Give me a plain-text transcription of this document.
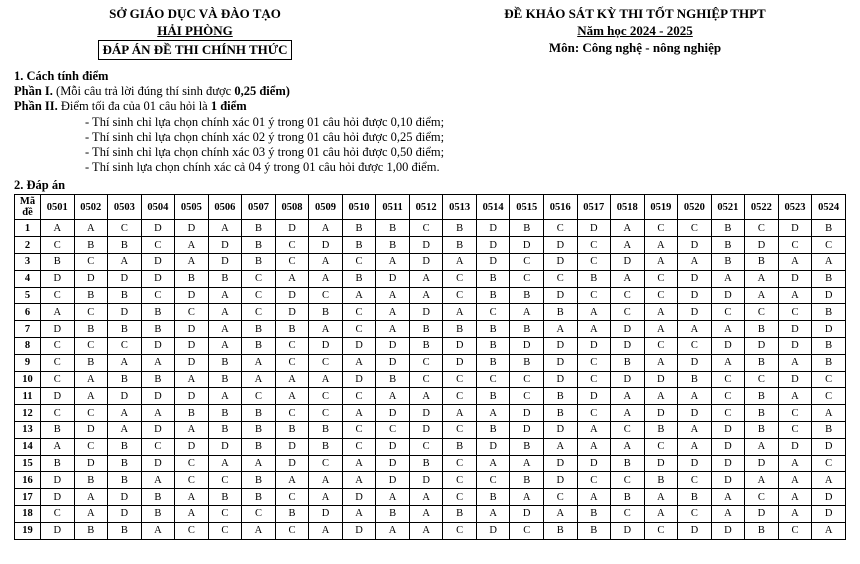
SỞ GIÁO DỤC VÀ ĐÀO TẠO
HẢI PHÒNG
ĐÁP ÁN ĐỀ THI CHÍNH THỨC
ĐỀ KHẢO SÁT KỲ THI TỐT NGHIỆP THPT
Năm học 2024 - 2025
Môn: Công nghệ - nông nghiệp
1. Cách tính điểm
Phần I. (Mỗi câu trả lời đúng thí sinh được 0,25 điểm)
Phần II. Điểm tối đa của 01 câu hỏi là 1 điểm
- Thí sinh chỉ lựa chọn chính xác 01 ý trong 01 câu hỏi được 0,10 điểm;
- Thí sinh chỉ lựa chọn chính xác 02 ý trong 01 câu hỏi được 0,25 điểm;
- Thí sinh chỉ lựa chọn chính xác 03 ý trong 01 câu hỏi được 0,50 điểm;
- Thí sinh lựa chọn chính xác cả 04 ý trong 01 câu hỏi được 1,00 điểm.
2. Đáp án
Mã đề	0501	0502	0503	0504	0505	0506	0507	0508	0509	0510	0511	0512	0513	0514	0515	0516	0517	0518	0519	0520	0521	0522	0523	0524
1	A	A	C	D	D	A	B	D	A	B	B	C	B	D	B	C	D	A	C	C	B	C	D	B
2	C	B	B	C	A	D	B	C	D	B	B	D	B	D	D	D	C	A	A	D	B	D	C	C
3	B	C	A	D	A	D	B	C	A	C	A	D	A	D	C	D	C	D	A	A	B	B	A	A
4	D	D	D	D	B	B	C	A	A	B	D	A	C	B	C	C	B	A	C	D	A	A	D	B
5	C	B	B	C	D	A	C	D	C	A	A	A	C	B	B	D	C	C	C	D	D	A	A	D
6	A	C	D	B	C	A	C	D	B	C	A	D	A	C	A	B	A	C	A	D	C	C	C	B
7	D	B	B	B	D	A	B	B	A	C	A	B	B	B	B	A	A	D	A	A	A	B	D	D
8	C	C	C	D	D	A	B	C	D	D	D	B	D	B	D	D	D	D	C	C	D	D	D	B
9	C	B	A	A	D	B	A	C	C	A	D	C	D	B	B	D	C	B	A	D	A	B	A	B
10	C	A	B	B	A	B	A	A	A	D	B	C	C	C	C	D	C	D	D	B	C	C	D	C
11	D	A	D	D	D	A	C	A	C	C	A	A	C	B	C	B	D	A	A	A	C	B	A	C
12	C	C	A	A	B	B	B	C	C	A	D	D	A	A	D	B	C	A	D	D	C	B	C	A
13	B	D	A	D	A	B	B	B	B	C	C	D	C	B	D	D	A	C	B	A	D	B	C	B
14	A	C	B	C	D	D	B	D	B	C	D	C	B	D	B	A	A	A	C	A	D	A	D	D
15	B	D	B	D	C	A	A	D	C	A	D	B	C	A	A	D	D	B	D	D	D	D	A	C
16	D	B	B	A	C	C	B	A	A	A	D	D	C	C	B	D	C	C	B	C	D	A	A	A
17	D	A	D	B	A	B	B	C	A	D	A	A	C	B	A	C	A	B	A	B	A	C	A	D
18	C	A	D	B	A	C	C	B	D	A	B	A	B	A	D	A	B	C	A	C	A	D	A	D
19	D	B	B	A	C	C	A	C	A	D	A	A	C	D	C	B	B	D	C	D	D	B	C	A
